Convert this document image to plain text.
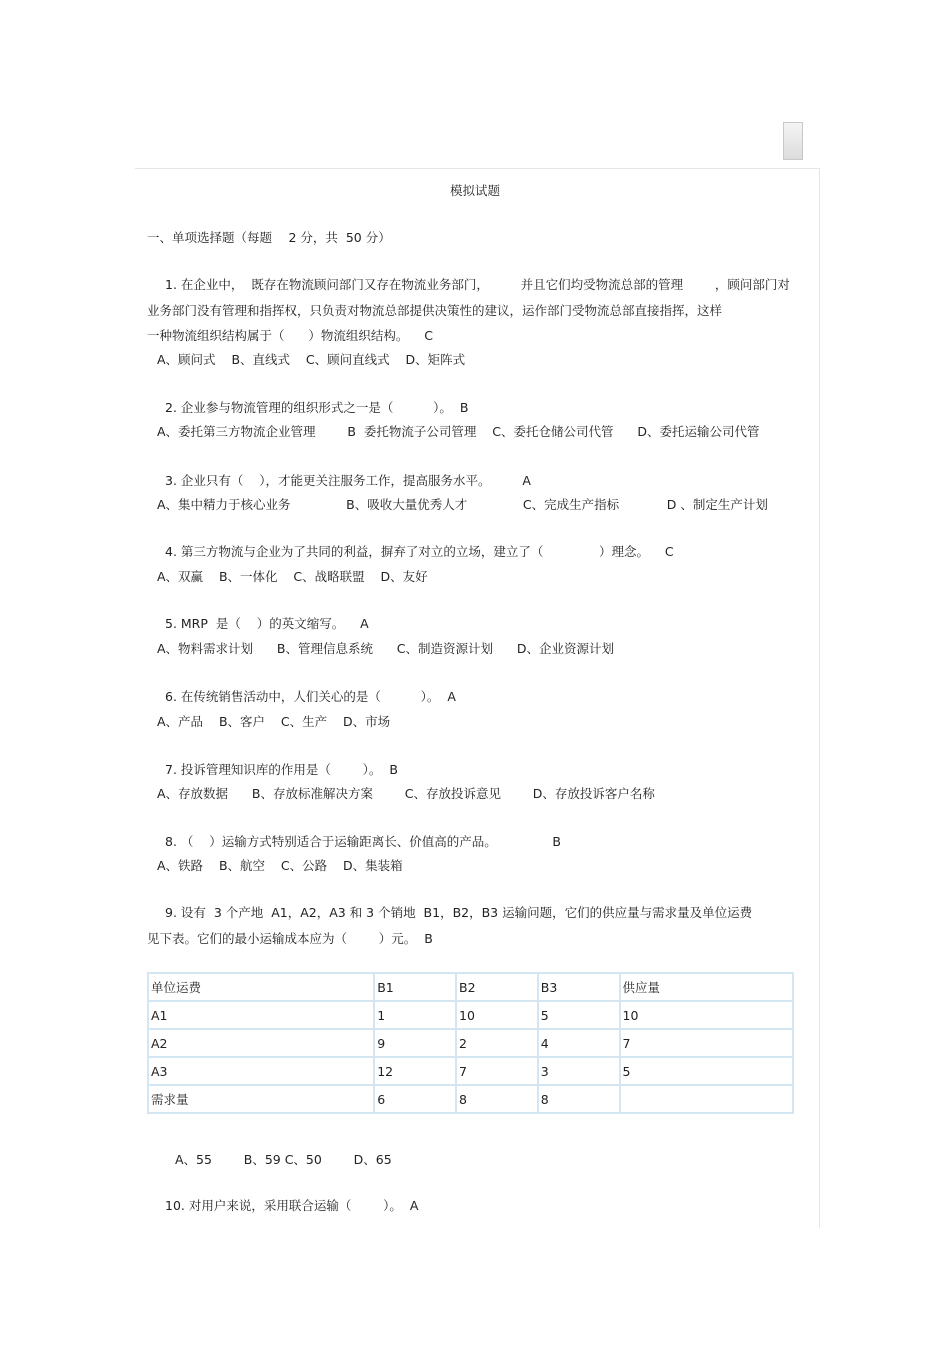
模拟试题
一、单项选择题（每题　 2 分，共  50 分）
1. 在企业中，  既存在物流顾问部门又存在物流业务部门，        并且它们均受物流总部的管理        ，顾问部门对
业务部门没有管理和指挥权，只负责对物流总部提供决策性的建议，运作部门受物流总部直接指挥，这样
一种物流组织结构属于（      ）物流组织结构。    C
A、顾问式    B、直线式    C、顾问直线式    D、矩阵式
2. 企业参与物流管理的组织形式之一是（          ）。  B
A、委托第三方物流企业管理        B  委托物流子公司管理    C、委托仓储公司代管      D、委托运输公司代管
3. 企业只有（    ），才能更关注服务工作，提高服务水平。        A
A、集中精力于核心业务              B、吸收大量优秀人才              C、完成生产指标            D 、制定生产计划
4. 第三方物流与企业为了共同的利益，摒弃了对立的立场，建立了（              ）理念。    C
A、双赢    B、一体化    C、战略联盟    D、友好
5. MRP  是（    ）的英文缩写。    A
A、物料需求计划      B、管理信息系统      C、制造资源计划      D、企业资源计划
6. 在传统销售活动中，人们关心的是（          ）。  A
A、产品    B、客户    C、生产    D、市场
7. 投诉管理知识库的作用是（        ）。  B
A、存放数据      B、存放标准解决方案        C、存放投诉意见        D、存放投诉客户名称
8. （    ）运输方式特别适合于运输距离长、价值高的产品。              B
A、铁路    B、航空    C、公路    D、集装箱
9. 设有  3 个产地  A1，A2，A3 和 3 个销地  B1，B2，B3 运输问题，它们的供应量与需求量及单位运费
见下表。它们的最小运输成本应为（        ）元。  B
单位运费	B1	B2	B3	供应量
A1	1	10	5	10
A2	9	2	4	7
A3	12	7	3	5
需求量	6	8	8	
A、55        B、59 C、50        D、65
10. 对用户来说，采用联合运输（        ）。  A
